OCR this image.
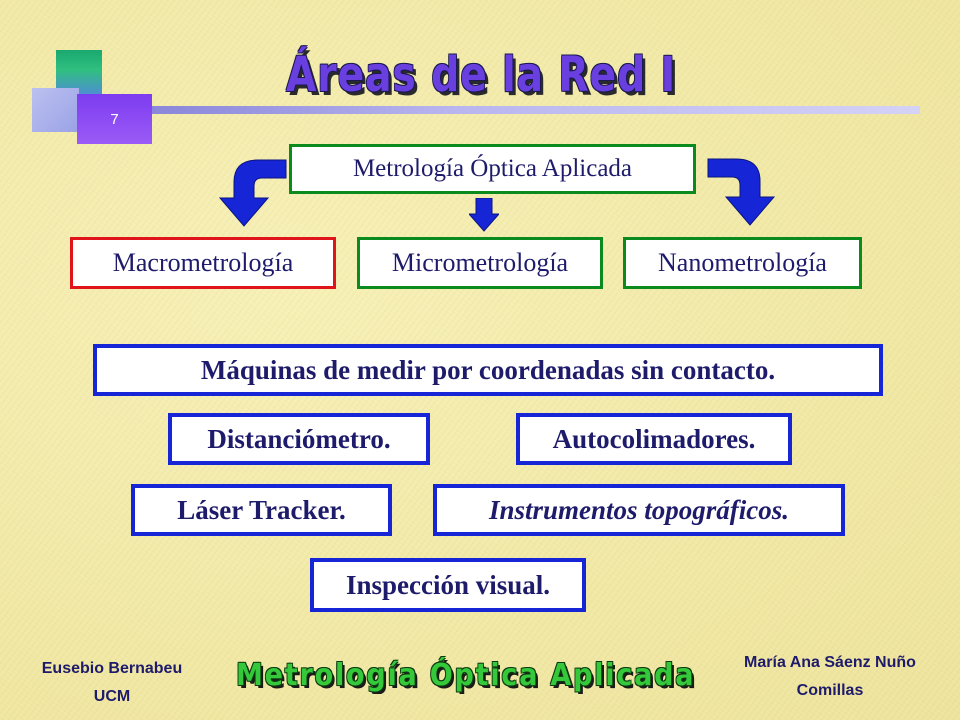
7
Áreas de la Red I
Metrología Óptica Aplicada
Macrometrología	Micrometrología	Nanometrología
Máquinas de medir por coordenadas sin contacto.
Distanciómetro.	Autocolimadores.
Láser Tracker.	Instrumentos topográficos.
Inspección visual.
Eusebio Bernabeu
UCM
Metrología Óptica Aplicada	María Ana Sáenz Nuño
Comillas
